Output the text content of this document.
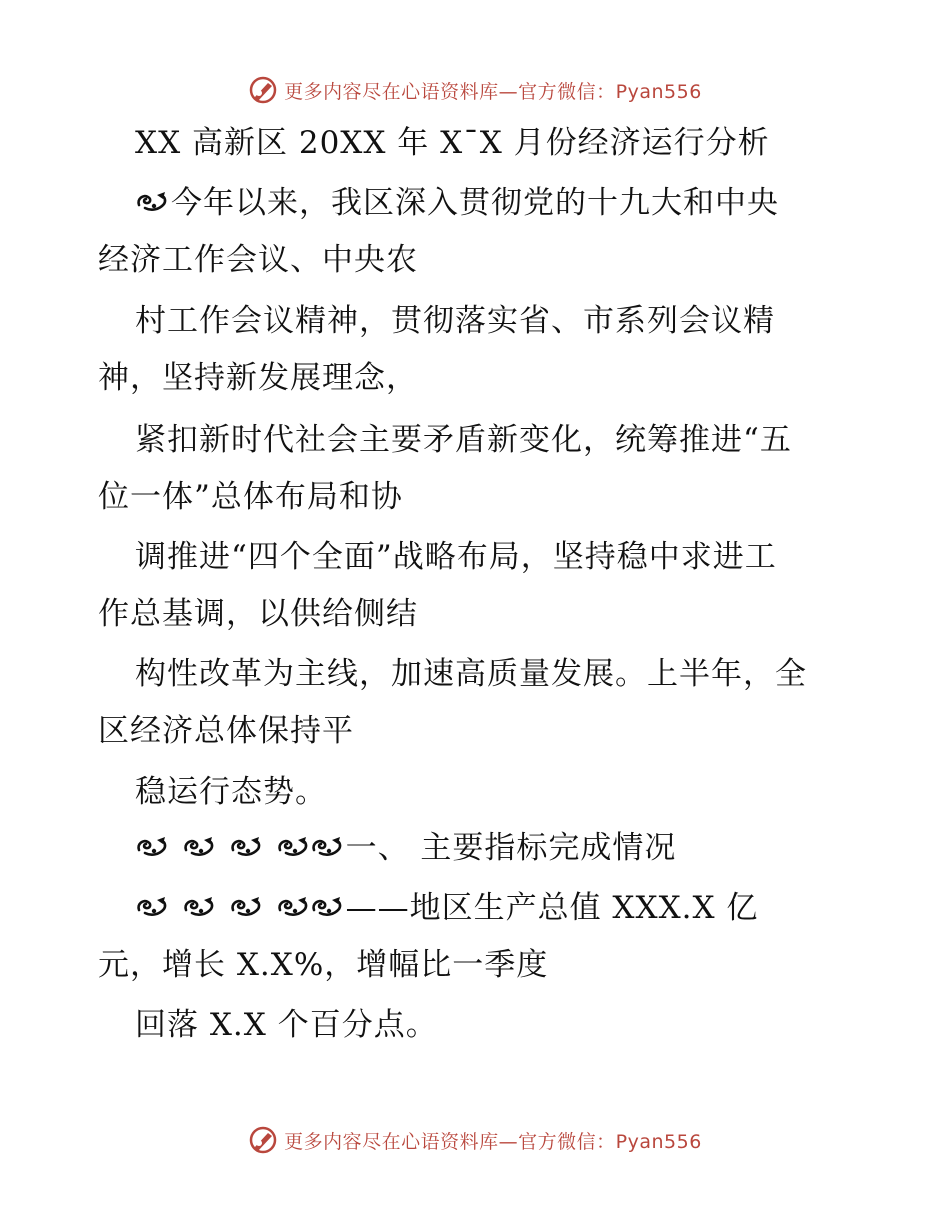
更多内容尽在心语资料库—官方微信：Pyan556
XX 高新区 20XX 年 X¯X 月份经济运行分析
今年以来，我区深入贯彻党的十九大和中央
经济工作会议、中央农
村工作会议精神，贯彻落实省、市系列会议精
神，坚持新发展理念，
紧扣新时代社会主要矛盾新变化，统筹推进“五
位一体”总体布局和协
调推进“四个全面”战略布局，坚持稳中求进工
作总基调，以供给侧结
构性改革为主线，加速高质量发展。上半年，全
区经济总体保持平
稳运行态势。
一、 主要指标完成情况
——地区生产总值 XXX.X 亿
元，增长 X.X%，增幅比一季度
回落 X.X 个百分点。
更多内容尽在心语资料库—官方微信：Pyan556
